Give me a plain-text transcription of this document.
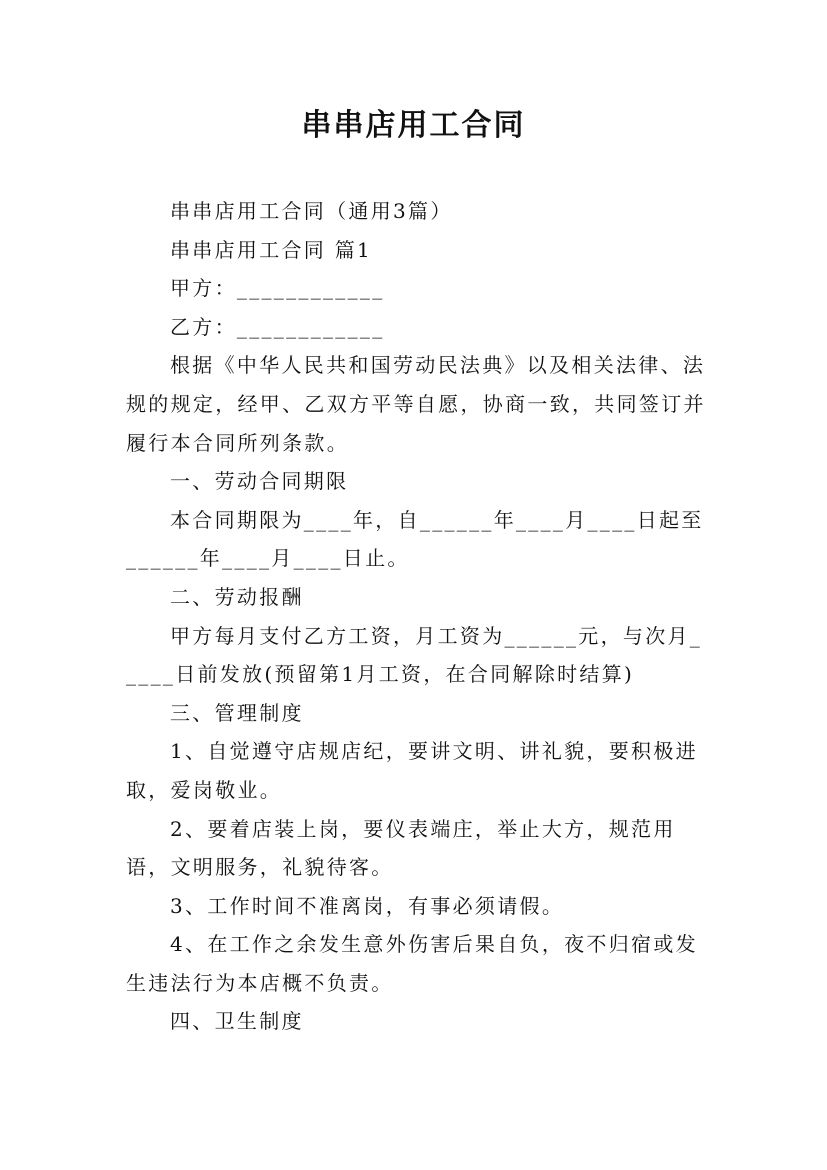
串串店用工合同

串串店用工合同（通用3篇）

串串店用工合同 篇1

甲方：____________

乙方：____________

根据《中华人民共和国劳动民法典》以及相关法律、法规的规定，经甲、乙双方平等自愿，协商一致，共同签订并履行本合同所列条款。

一、劳动合同期限

本合同期限为____年，自______年____月____日起至______年____月____日止。

二、劳动报酬

甲方每月支付乙方工资，月工资为______元，与次月_____日前发放(预留第1月工资，在合同解除时结算)

三、管理制度

1、自觉遵守店规店纪，要讲文明、讲礼貌，要积极进取，爱岗敬业。

2、要着店装上岗，要仪表端庄，举止大方，规范用语，文明服务，礼貌待客。

3、工作时间不准离岗，有事必须请假。

4、在工作之余发生意外伤害后果自负，夜不归宿或发生违法行为本店概不负责。

四、卫生制度
